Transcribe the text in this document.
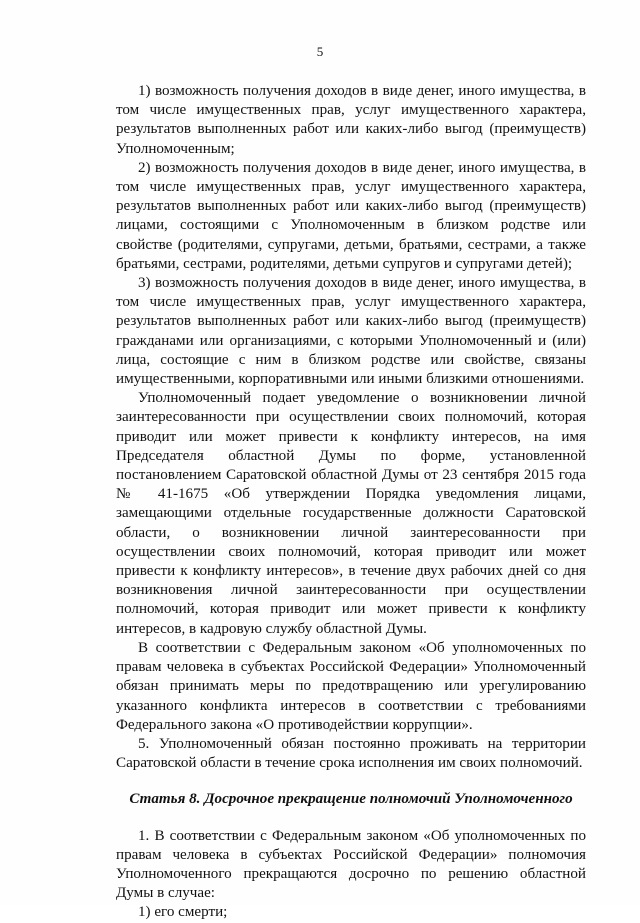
5

1) возможность получения доходов в виде денег, иного имущества, в том числе имущественных прав, услуг имущественного характера, результатов выполненных работ или каких-либо выгод (преимуществ) Уполномоченным;

2) возможность получения доходов в виде денег, иного имущества, в том числе имущественных прав, услуг имущественного характера, результатов выполненных работ или каких-либо выгод (преимуществ) лицами, состоящими с Уполномоченным в близком родстве или свойстве (родителями, супругами, детьми, братьями, сестрами, а также братьями, сестрами, родителями, детьми супругов и супругами детей);

3) возможность получения доходов в виде денег, иного имущества, в том числе имущественных прав, услуг имущественного характера, результатов выполненных работ или каких-либо выгод (преимуществ) гражданами или организациями, с которыми Уполномоченный и (или) лица, состоящие с ним в близком родстве или свойстве, связаны имущественными, корпоративными или иными близкими отношениями.

Уполномоченный подает уведомление о возникновении личной заинтересованности при осуществлении своих полномочий, которая приводит или может привести к конфликту интересов, на имя Председателя областной Думы по форме, установленной постановлением Саратовской областной Думы от 23 сентября 2015 года № 41-1675 «Об утверждении Порядка уведомления лицами, замещающими отдельные государственные должности Саратовской области, о возникновении личной заинтересованности при осуществлении своих полномочий, которая приводит или может привести к конфликту интересов», в течение двух рабочих дней со дня возникновения личной заинтересованности при осуществлении полномочий, которая приводит или может привести к конфликту интересов, в кадровую службу областной Думы.

В соответствии с Федеральным законом «Об уполномоченных по правам человека в субъектах Российской Федерации» Уполномоченный обязан принимать меры по предотвращению или урегулированию указанного конфликта интересов в соответствии с требованиями Федерального закона «О противодействии коррупции».

5. Уполномоченный обязан постоянно проживать на территории Саратовской области в течение срока исполнения им своих полномочий.

Статья 8. Досрочное прекращение полномочий Уполномоченного

1. В соответствии с Федеральным законом «Об уполномоченных по правам человека в субъектах Российской Федерации» полномочия Уполномоченного прекращаются досрочно по решению областной Думы в случае:

1) его смерти;
